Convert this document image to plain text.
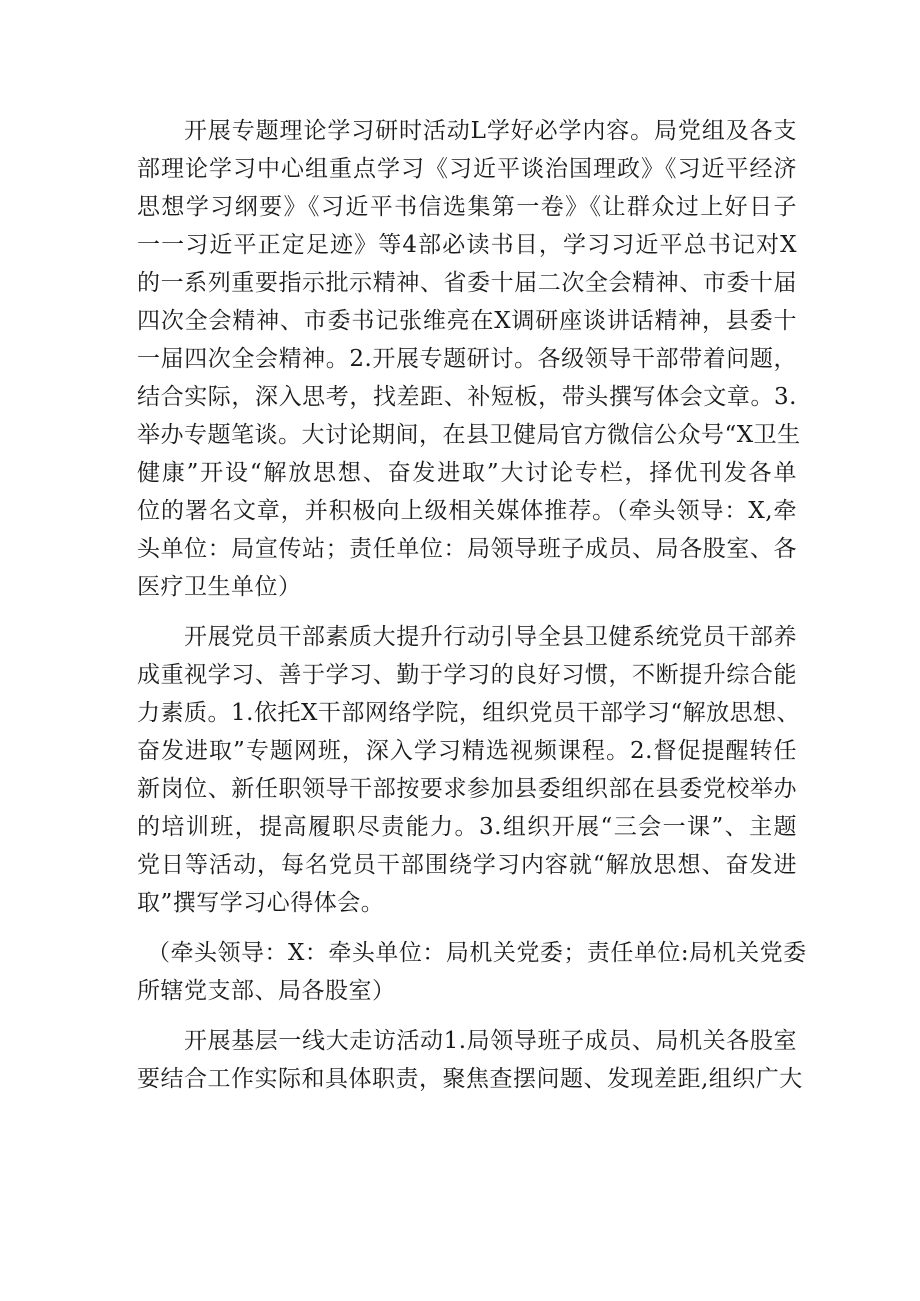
开展专题理论学习研时活动L学好必学内容。局党组及各支
部理论学习中心组重点学习《习近平谈治国理政》《习近平经济
思想学习纲要》《习近平书信选集第一卷》《让群众过上好日子
一一习近平正定足迹》等4部必读书目，学习习近平总书记对X
的一系列重要指示批示精神、省委十届二次全会精神、市委十届
四次全会精神、市委书记张维亮在X调研座谈讲话精神，县委十
一届四次全会精神。2.开展专题研讨。各级领导干部带着问题，
结合实际，深入思考，找差距、补短板，带头撰写体会文章。3.
举办专题笔谈。大讨论期间，在县卫健局官方微信公众号“X卫生
健康”开设“解放思想、奋发进取”大讨论专栏，择优刊发各单
位的署名文章，并积极向上级相关媒体推荐。（牵头领导：X,牵
头单位：局宣传站；责任单位：局领导班子成员、局各股室、各
医疗卫生单位）
开展党员干部素质大提升行动引导全县卫健系统党员干部养
成重视学习、善于学习、勤于学习的良好习惯，不断提升综合能
力素质。1.依托X干部网络学院，组织党员干部学习“解放思想、
奋发进取”专题网班，深入学习精选视频课程。2.督促提醒转任
新岗位、新任职领导干部按要求参加县委组织部在县委党校举办
的培训班，提高履职尽责能力。3.组织开展“三会一课”、主题
党日等活动，每名党员干部围绕学习内容就“解放思想、奋发进
取”撰写学习心得体会。
（牵头领导：X：牵头单位：局机关党委；责任单位:局机关党委
所辖党支部、局各股室）
开展基层一线大走访活动1.局领导班子成员、局机关各股室
要结合工作实际和具体职责，聚焦查摆问题、发现差距,组织广大
